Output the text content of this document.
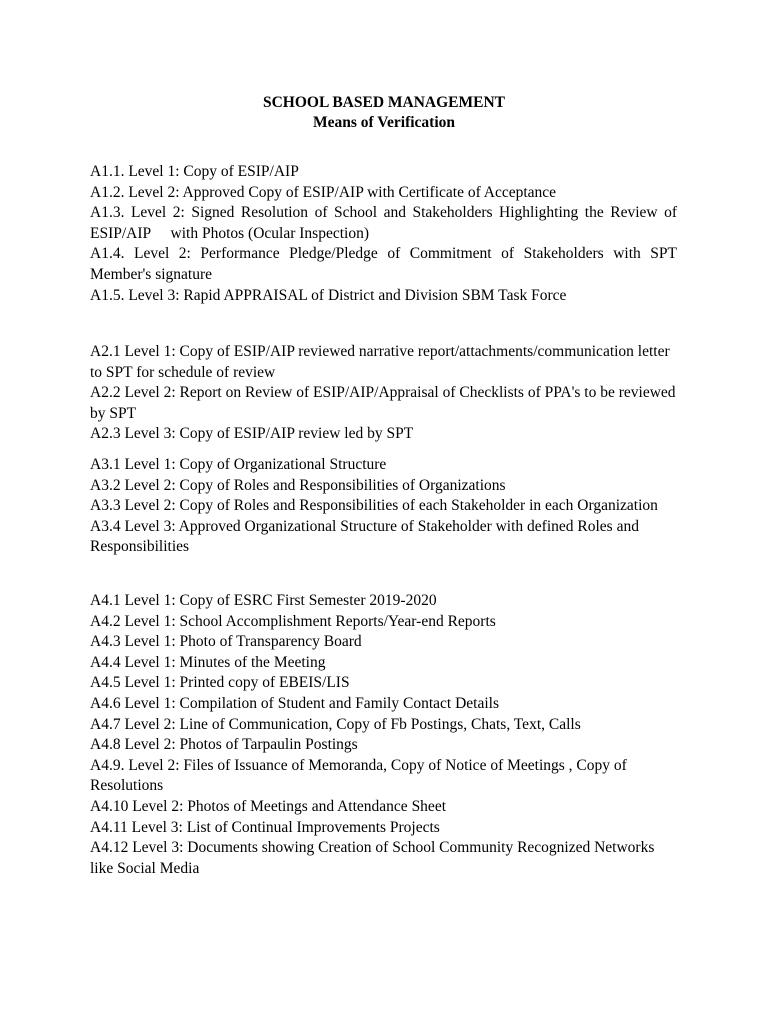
SCHOOL BASED MANAGEMENT

Means of Verification

A1.1. Level 1: Copy of ESIP/AIP

A1.2. Level 2: Approved Copy of ESIP/AIP with Certificate of Acceptance

A1.3. Level 2: Signed Resolution of School and Stakeholders Highlighting the Review of ESIP/AIP     with Photos (Ocular Inspection)

A1.4. Level 2: Performance Pledge/Pledge of Commitment of Stakeholders with SPT Member's signature

A1.5. Level 3: Rapid APPRAISAL of District and Division SBM Task Force

A2.1 Level 1: Copy of ESIP/AIP reviewed narrative report/attachments/communication letter to SPT for schedule of review

A2.2 Level 2: Report on Review of ESIP/AIP/Appraisal of Checklists of PPA's to be reviewed by SPT

A2.3 Level 3: Copy of ESIP/AIP review led by SPT

A3.1 Level 1: Copy of Organizational Structure

A3.2 Level 2: Copy of Roles and Responsibilities of Organizations

A3.3 Level 2: Copy of Roles and Responsibilities of each Stakeholder in each Organization

A3.4 Level 3: Approved Organizational Structure of Stakeholder with defined Roles and Responsibilities

A4.1 Level 1: Copy of ESRC First Semester 2019-2020

A4.2 Level 1: School Accomplishment Reports/Year-end Reports

A4.3 Level 1: Photo of Transparency Board

A4.4 Level 1: Minutes of the Meeting

A4.5 Level 1: Printed copy of EBEIS/LIS

A4.6 Level 1: Compilation of Student and Family Contact Details

A4.7 Level 2: Line of Communication, Copy of Fb Postings, Chats, Text, Calls

A4.8 Level 2: Photos of Tarpaulin Postings

A4.9. Level 2: Files of Issuance of Memoranda, Copy of Notice of Meetings , Copy of Resolutions

A4.10 Level 2: Photos of Meetings and Attendance Sheet

A4.11 Level 3: List of Continual Improvements Projects

A4.12 Level 3: Documents showing Creation of School Community Recognized Networks like Social Media
